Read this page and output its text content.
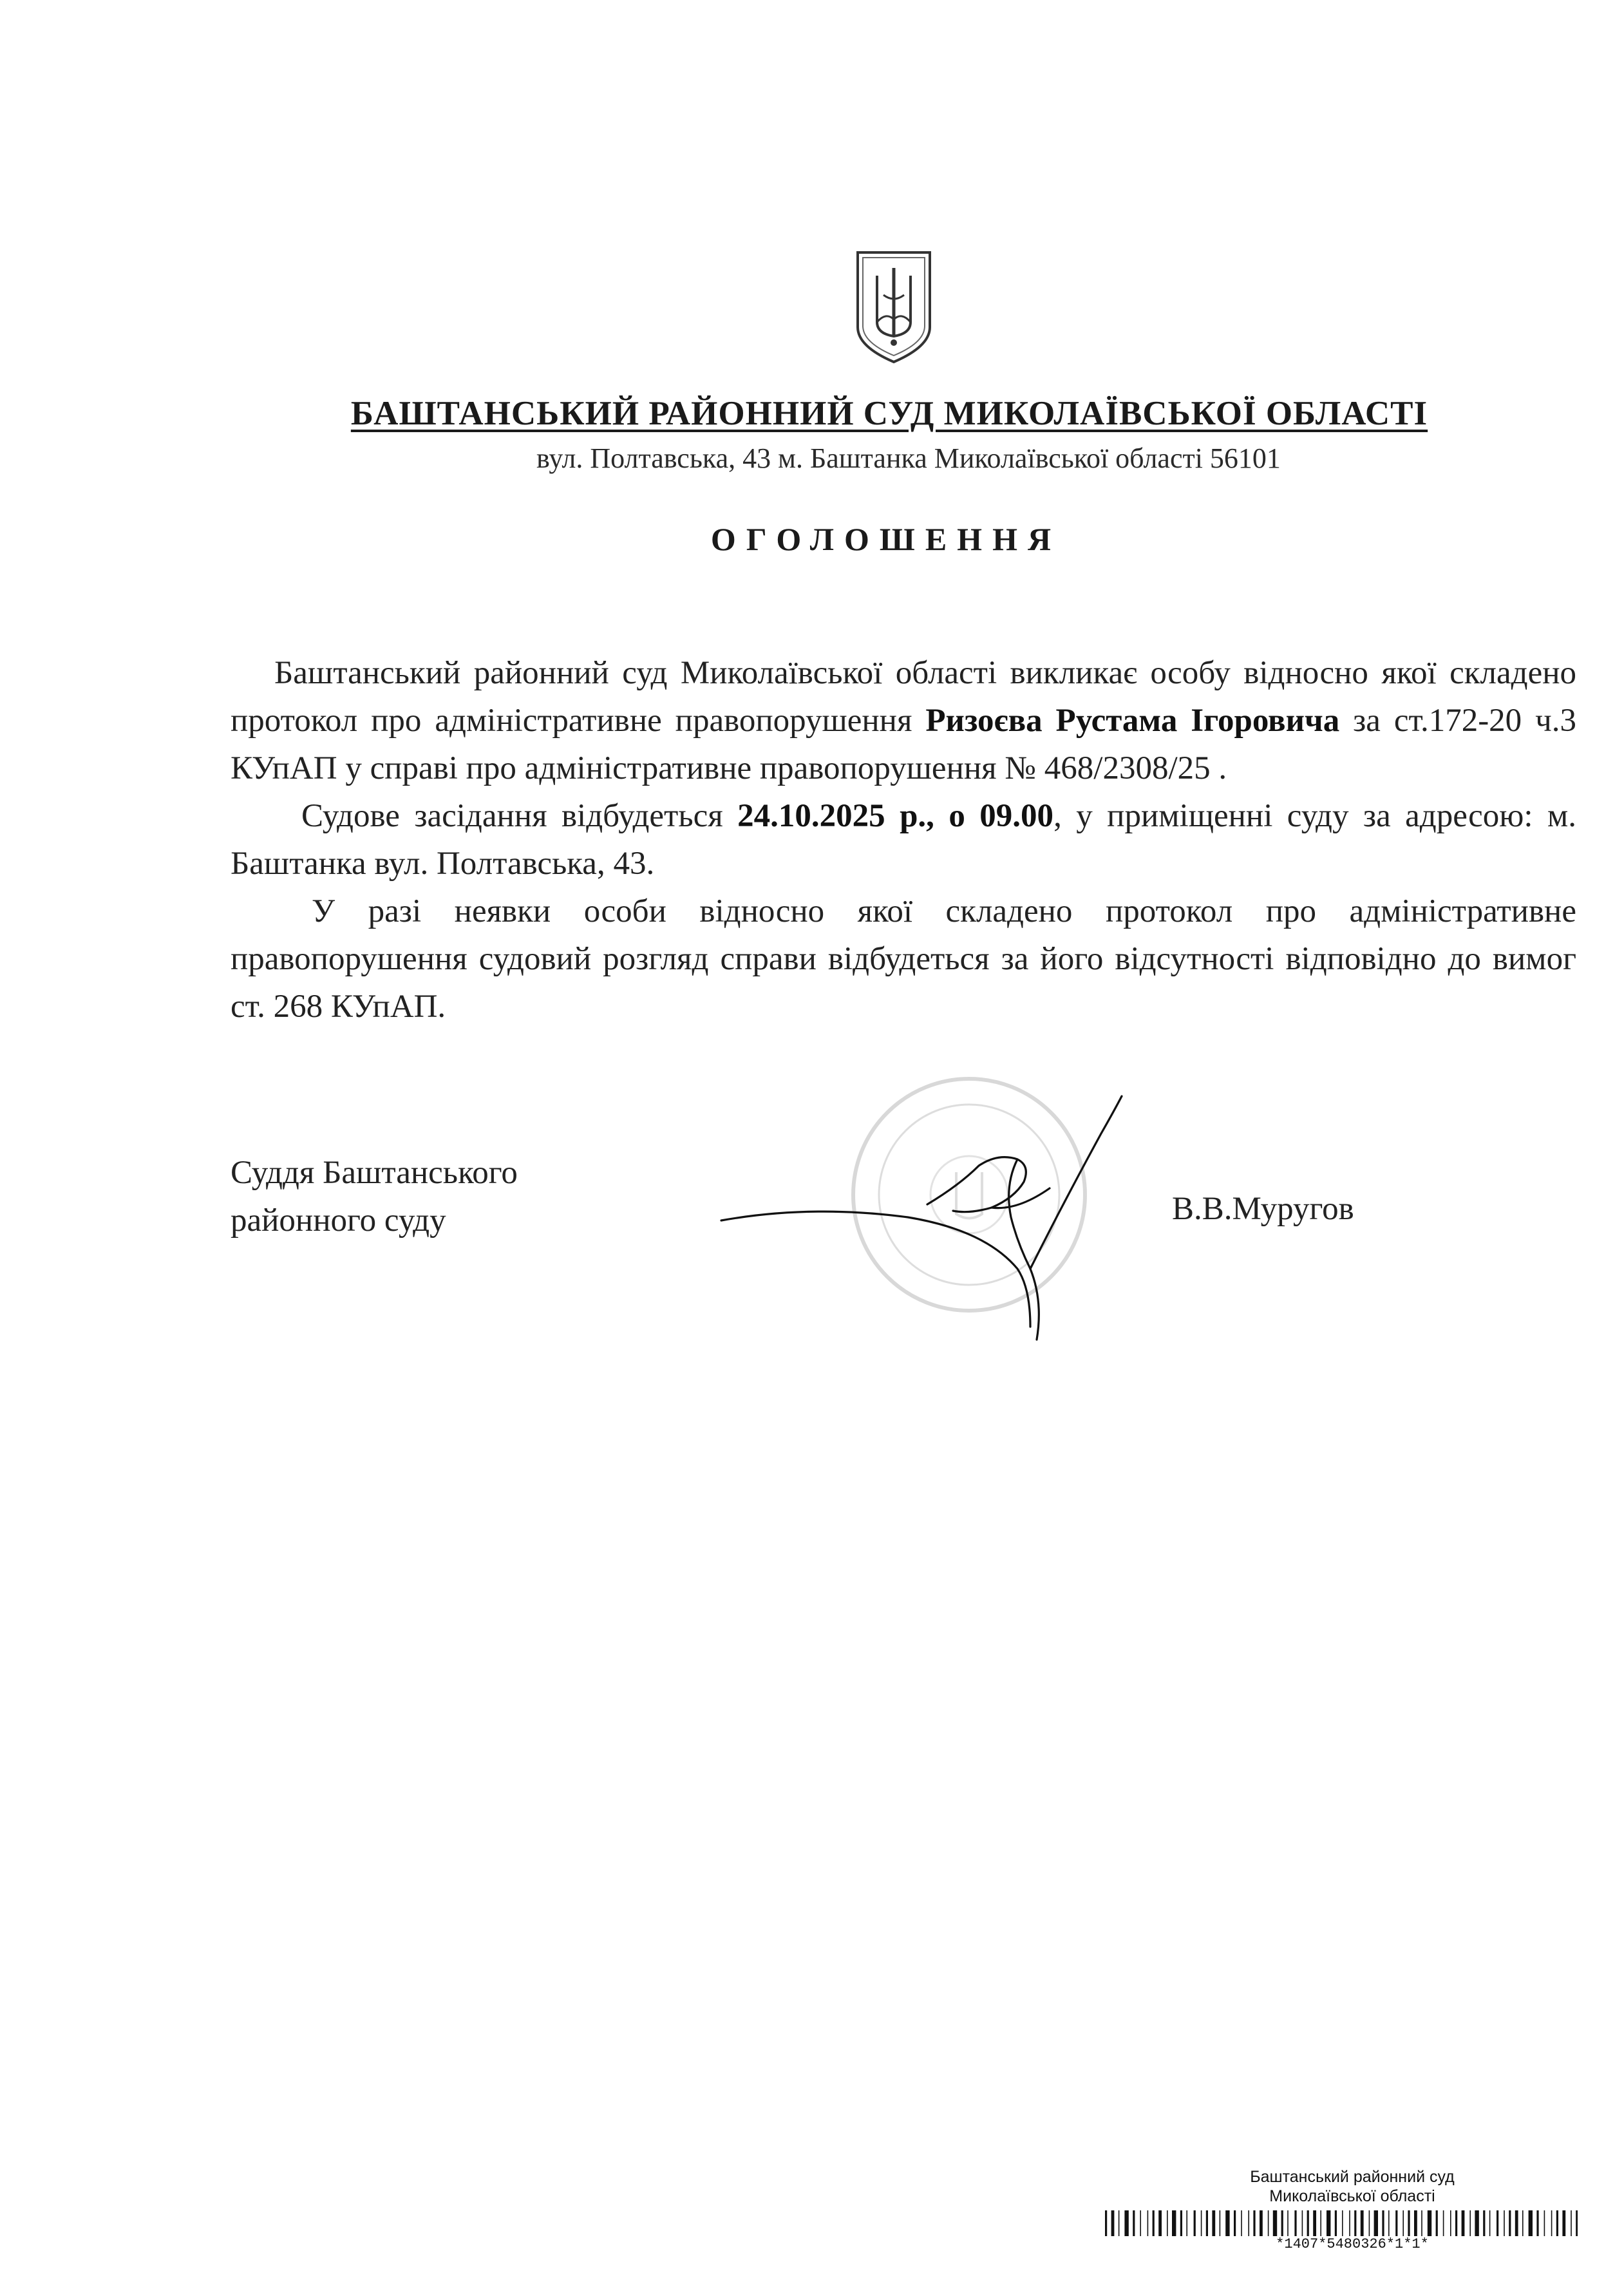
БАШТАНСЬКИЙ РАЙОННИЙ СУД МИКОЛАЇВСЬКОЇ ОБЛАСТІ
вул. Полтавська, 43 м. Баштанка Миколаївської області 56101
ОГОЛОШЕННЯ

Баштанський районний суд Миколаївської області викликає особу відносно якої складено протокол про адміністративне правопорушення Ризоєва Рустама Ігоровича за ст.172-20 ч.3 КУпАП у справі про адміністративне правопорушення № 468/2308/25 .

Судове засідання відбудеться 24.10.2025 р., о 09.00, у приміщенні суду за адресою: м. Баштанка вул. Полтавська, 43.

У разі неявки особи відносно якої складено протокол про адміністративне правопорушення судовий розгляд справи відбудеться за його відсутності відповідно до вимог ст. 268 КУпАП.

Суддя Баштанського
районного суду	В.В.Муругов
Баштанський районний суд
Миколаївської області
*1407*5480326*1*1*
